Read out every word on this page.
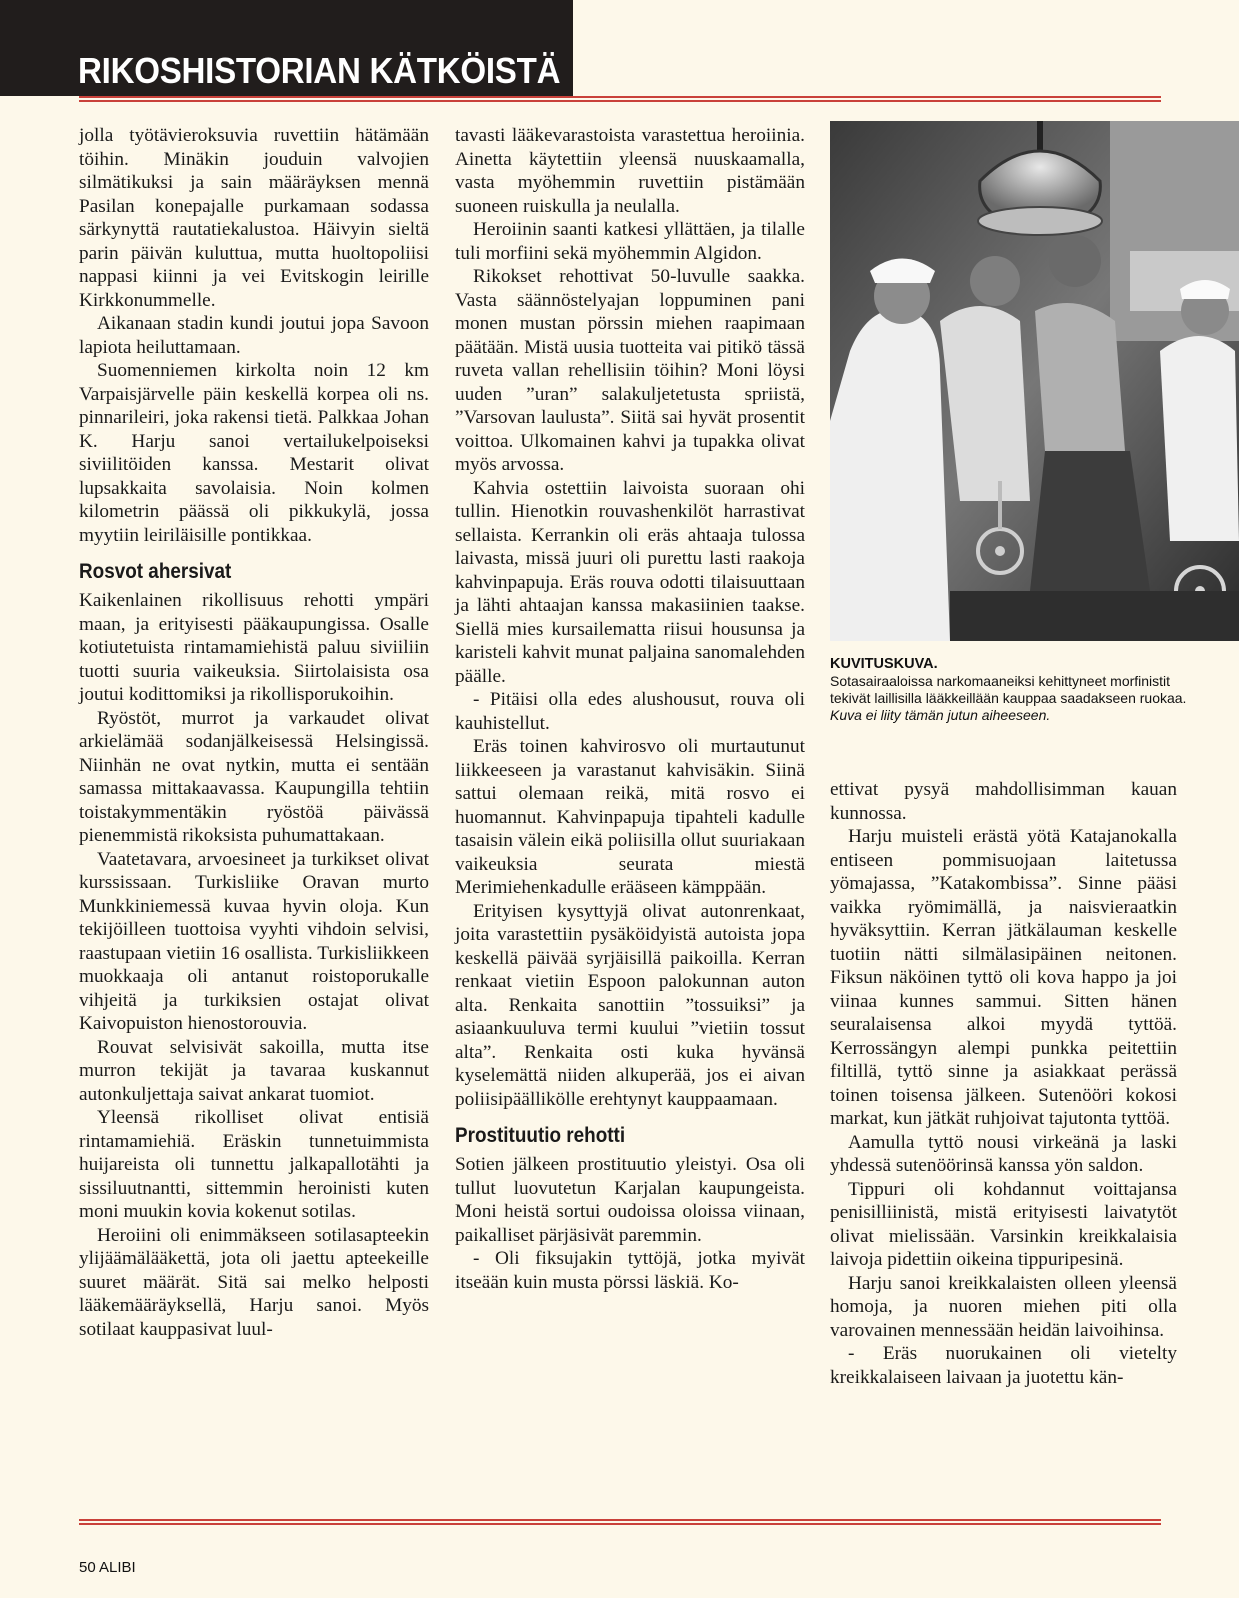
RIKOSHISTORIAN KÄTKÖISTÄ

jolla työtävieroksuvia ruvettiin hätämään töihin. Minäkin jouduin valvojien silmätikuksi ja sain määräyksen mennä Pasilan konepajalle purkamaan sodassa särkynyttä rautatiekalustoa. Häivyin sieltä parin päivän kuluttua, mutta huoltopoliisi nappasi kiinni ja vei Evitskogin leirille Kirkkonummelle.

Aikanaan stadin kundi joutui jopa Savoon lapiota heiluttamaan.

Suomenniemen kirkolta noin 12 km Varpaisjärvelle päin keskellä korpea oli ns. pinnarileiri, joka rakensi tietä. Palkkaa Johan K. Harju sanoi vertailukelpoiseksi siviilitöiden kanssa. Mestarit olivat lupsakkaita savolaisia. Noin kolmen kilometrin päässä oli pikkukylä, jossa myytiin leiriläisille pontikkaa.

Rosvot ahersivat

Kaikenlainen rikollisuus rehotti ympäri maan, ja erityisesti pääkaupungissa. Osalle kotiutetuista rintamamiehistä paluu siviiliin tuotti suuria vaikeuksia. Siirtolaisista osa joutui kodittomiksi ja rikollisporukoihin.

Ryöstöt, murrot ja varkaudet olivat arkielämää sodanjälkeisessä Helsingissä. Niinhän ne ovat nytkin, mutta ei sentään samassa mittakaavassa. Kaupungilla tehtiin toistakymmentäkin ryöstöä päivässä pienemmistä rikoksista puhumattakaan.

Vaatetavara, arvoesineet ja turkikset olivat kurssissaan. Turkisliike Oravan murto Munkkiniemessä kuvaa hyvin oloja. Kun tekijöilleen tuottoisa vyyhti vihdoin selvisi, raastupaan vietiin 16 osallista. Turkisliikkeen muokkaaja oli antanut roistoporukalle vihjeitä ja turkiksien ostajat olivat Kaivopuiston hienostorouvia.

Rouvat selvisivät sakoilla, mutta itse murron tekijät ja tavaraa kuskannut autonkuljettaja saivat ankarat tuomiot.

Yleensä rikolliset olivat entisiä rintamamiehiä. Eräskin tunnetuimmista huijareista oli tunnettu jalkapallotähti ja sissiluutnantti, sittemmin heroinisti kuten moni muukin kovia kokenut sotilas.

Heroiini oli enimmäkseen sotilasapteekin ylijäämälääkettä, jota oli jaettu apteekeille suuret määrät. Sitä sai melko helposti lääkemääräyksellä, Harju sanoi. Myös sotilaat kauppasivat luul-

tavasti lääkevarastoista varastettua heroiinia. Ainetta käytettiin yleensä nuuskaamalla, vasta myöhemmin ruvettiin pistämään suoneen ruiskulla ja neulalla.

Heroiinin saanti katkesi yllättäen, ja tilalle tuli morfiini sekä myöhemmin Algidon.

Rikokset rehottivat 50-luvulle saakka. Vasta säännöstelyajan loppuminen pani monen mustan pörssin miehen raapimaan päätään. Mistä uusia tuotteita vai pitikö tässä ruveta vallan rehellisiin töihin? Moni löysi uuden ”uran” salakuljetetusta spriistä, ”Varsovan laulusta”. Siitä sai hyvät prosentit voittoa. Ulkomainen kahvi ja tupakka olivat myös arvossa.

Kahvia ostettiin laivoista suoraan ohi tullin. Hienotkin rouvashenkilöt harrastivat sellaista. Kerrankin oli eräs ahtaaja tulossa laivasta, missä juuri oli purettu lasti raakoja kahvinpapuja. Eräs rouva odotti tilaisuuttaan ja lähti ahtaajan kanssa makasiinien taakse. Siellä mies kursailematta riisui housunsa ja karisteli kahvit munat paljaina sanomalehden päälle.

- Pitäisi olla edes alushousut, rouva oli kauhistellut.

Eräs toinen kahvirosvo oli murtautunut liikkeeseen ja varastanut kahvisäkin. Siinä sattui olemaan reikä, mitä rosvo ei huomannut. Kahvinpapuja tipahteli kadulle tasaisin välein eikä poliisilla ollut suuriakaan vaikeuksia seurata miestä Merimiehenkadulle erääseen kämppään.

Erityisen kysyttyjä olivat autonrenkaat, joita varastettiin pysäköidyistä autoista jopa keskellä päivää syrjäisillä paikoilla. Kerran renkaat vietiin Espoon palokunnan auton alta. Renkaita sanottiin ”tossuiksi” ja asiaankuuluva termi kuului ”vietiin tossut alta”. Renkaita osti kuka hyvänsä kyselemättä niiden alkuperää, jos ei aivan poliisipäällikölle erehtynyt kauppaamaan.

Prostituutio rehotti

Sotien jälkeen prostituutio yleistyi. Osa oli tullut luovutetun Karjalan kaupungeista. Moni heistä sortui oudoissa oloissa viinaan, paikalliset pärjäsivät paremmin.

- Oli fiksujakin tyttöjä, jotka myivät itseään kuin musta pörssi läskiä. Ko-

KUVITUSKUVA.
Sotasairaaloissa narkomaaneiksi kehittyneet morfinistit tekivät laillisilla lääkkeillään kauppaa saadakseen ruokaa.
Kuva ei liity tämän jutun aiheeseen.

ettivat pysyä mahdollisimman kauan kunnossa.

Harju muisteli erästä yötä Katajanokalla entiseen pommisuojaan laitetussa yömajassa, ”Katakombissa”. Sinne pääsi vaikka ryömimällä, ja naisvieraatkin hyväksyttiin. Kerran jätkälauman keskelle tuotiin nätti silmälasipäinen neitonen. Fiksun näköinen tyttö oli kova happo ja joi viinaa kunnes sammui. Sitten hänen seuralaisensa alkoi myydä tyttöä. Kerrossängyn alempi punkka peitettiin filtillä, tyttö sinne ja asiakkaat perässä toinen toisensa jälkeen. Sutenööri kokosi markat, kun jätkät ruhjoivat tajutonta tyttöä.

Aamulla tyttö nousi virkeänä ja laski yhdessä sutenöörinsä kanssa yön saldon.

Tippuri oli kohdannut voittajansa penisilliinistä, mistä erityisesti laivatytöt olivat mielissään. Varsinkin kreikkalaisia laivoja pidettiin oikeina tippuripesinä.

Harju sanoi kreikkalaisten olleen yleensä homoja, ja nuoren miehen piti olla varovainen mennessään heidän laivoihinsa.

- Eräs nuorukainen oli vietelty kreikkalaiseen laivaan ja juotettu kän-

50 ALIBI
